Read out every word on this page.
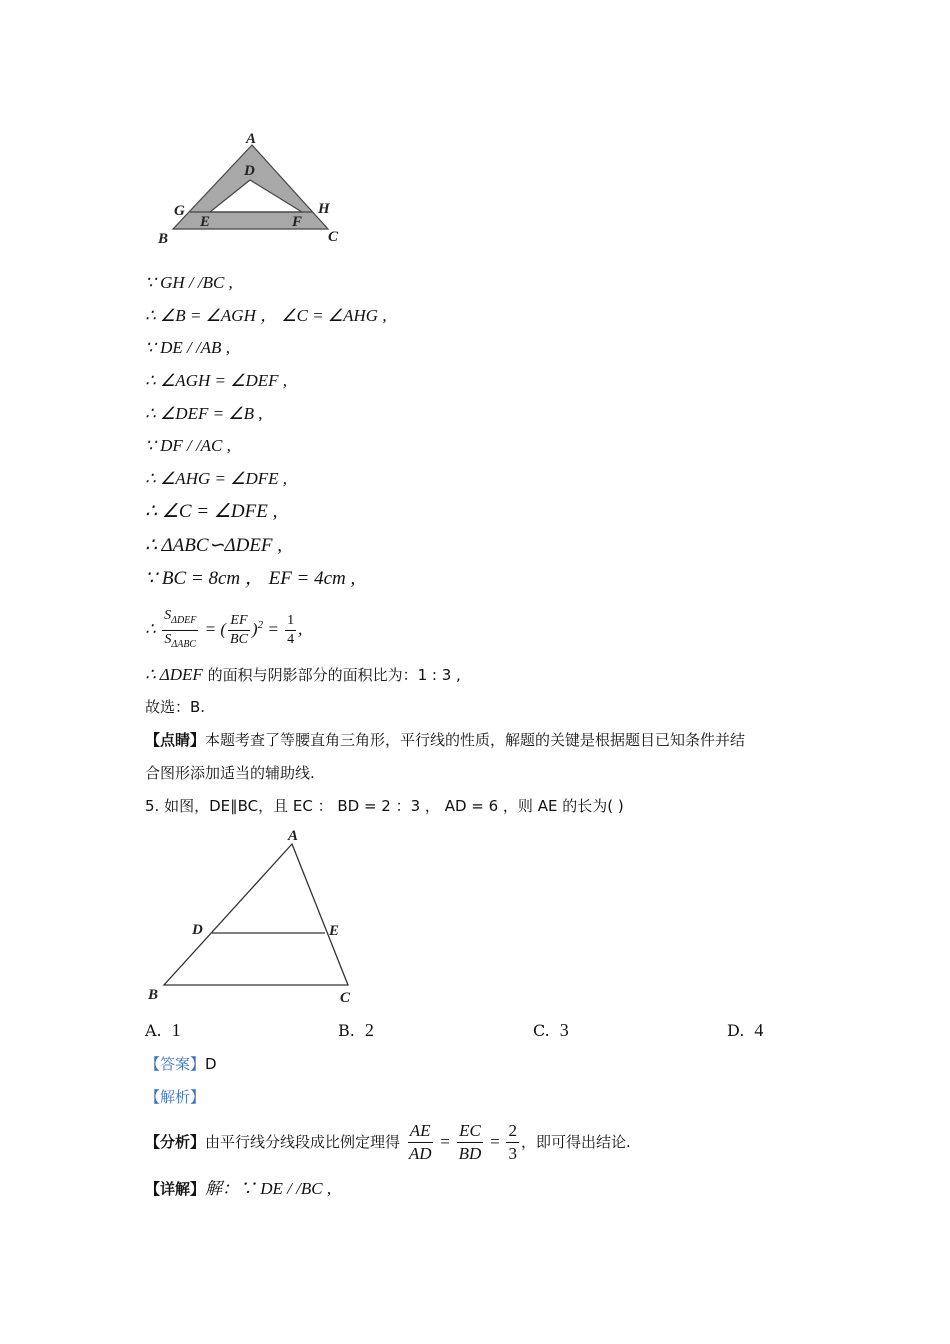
A
D
G
E	F
H
B	C
∵ GH / /BC ,
∴ ∠B = ∠AGH ， ∠C = ∠AHG ,
∵ DE / /AB ,
∴ ∠AGH = ∠DEF ,
∴ ∠DEF = ∠B ,
∵ DF / /AC ,
∴ ∠AHG = ∠DFE ,
∴ ∠C = ∠DFE ,
∴ ΔABC∽ΔDEF ,
∵ BC = 8cm ， EF = 4cm ,
∴ $\frac{S_{\Delta DEF}}{S_{\Delta ABC}}$ = ( $\frac{EF}{BC} )^2 = \frac{1}{4}$ ,
∴ ΔDEF 的面积与阴影部分的面积比为：1 : 3 ,
故选：B.
【点睛】本题考查了等腰直角三角形，平行线的性质，解题的关键是根据题目已知条件并结
合图形添加适当的辅助线.
5. 如图，DE∥BC，且 EC ： BD = 2 ：3 ， AD = 6 ，则 AE 的长为( )
A
D	E
B	C
A. 1	B. 2	C. 3	D. 4
【答案】D
【解析】
【分析】由平行线分线段成比例定理得 $\frac{AE}{AD} = \frac{EC}{BD} = \frac{2}{3}$ ，即可得出结论.
【详解】解：∵ DE / /BC ,
